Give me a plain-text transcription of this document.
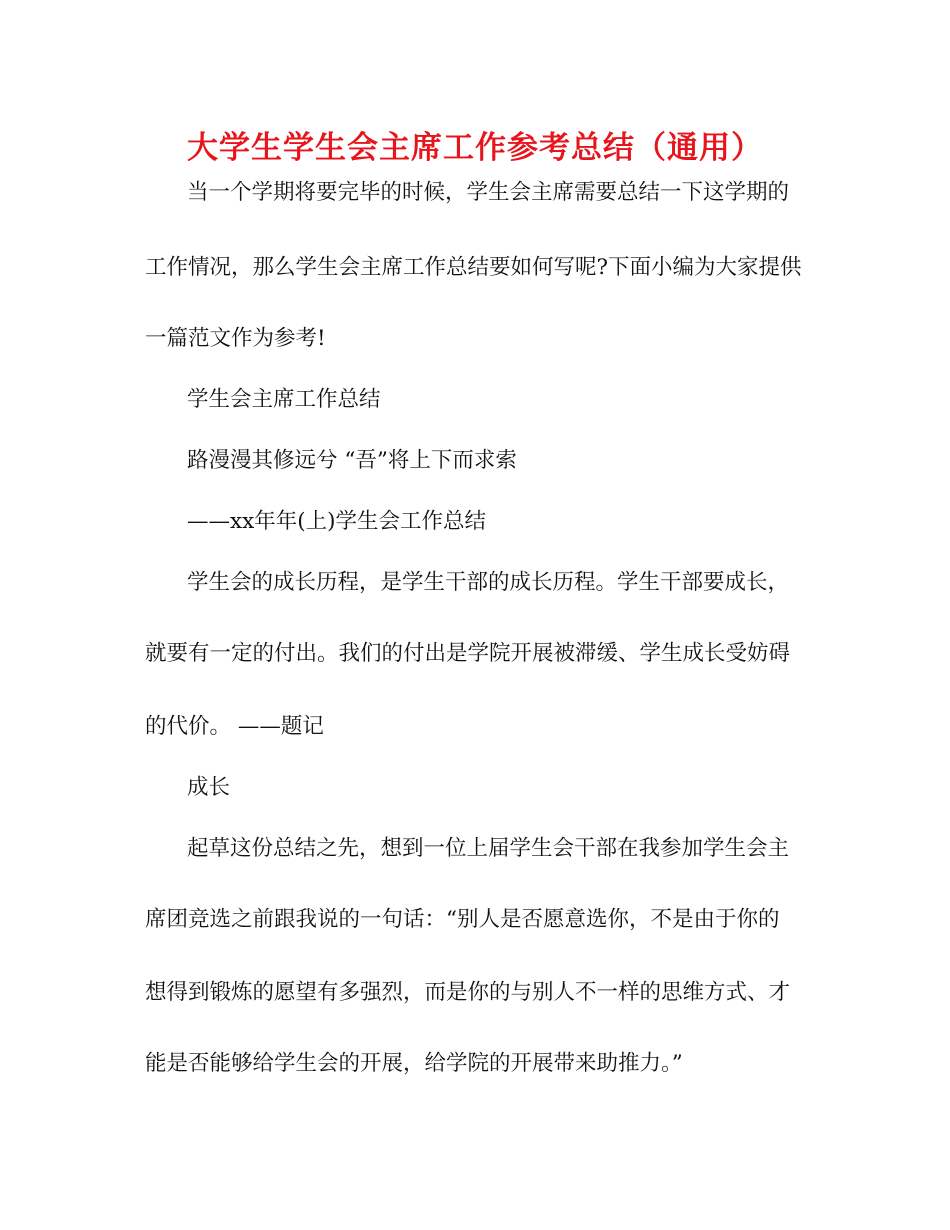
大学生学生会主席工作参考总结（通用）

当一个学期将要完毕的时候，学生会主席需要总结一下这学期的

工作情况，那么学生会主席工作总结要如何写呢?下面小编为大家提供

一篇范文作为参考!

学生会主席工作总结

路漫漫其修远兮 “吾”将上下而求索

——xx年年(上)学生会工作总结

学生会的成长历程，是学生干部的成长历程。学生干部要成长，

就要有一定的付出。我们的付出是学院开展被滞缓、学生成长受妨碍

的代价。 ——题记

成长

起草这份总结之先，想到一位上届学生会干部在我参加学生会主

席团竞选之前跟我说的一句话：“别人是否愿意选你，不是由于你的

想得到锻炼的愿望有多强烈，而是你的与别人不一样的思维方式、才

能是否能够给学生会的开展，给学院的开展带来助推力。”
